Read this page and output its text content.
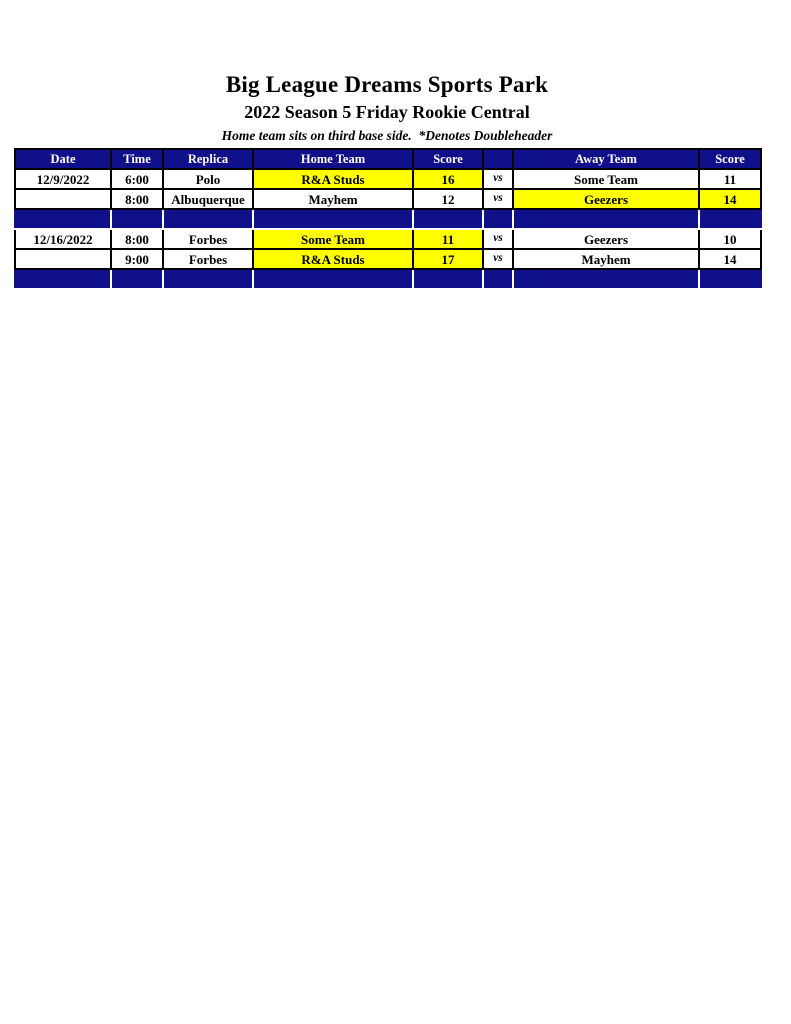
Big League Dreams Sports Park
2022 Season 5 Friday Rookie Central
Home team sits on third base side.  *Denotes Doubleheader
Date	Time	Replica	Home Team	Score		Away Team	Score
12/9/2022	6:00	Polo	R&A Studs	16	vs	Some Team	11
	8:00	Albuquerque	Mayhem	12	vs	Geezers	14

12/16/2022	8:00	Forbes	Some Team	11	vs	Geezers	10
	9:00	Forbes	R&A Studs	17	vs	Mayhem	14
